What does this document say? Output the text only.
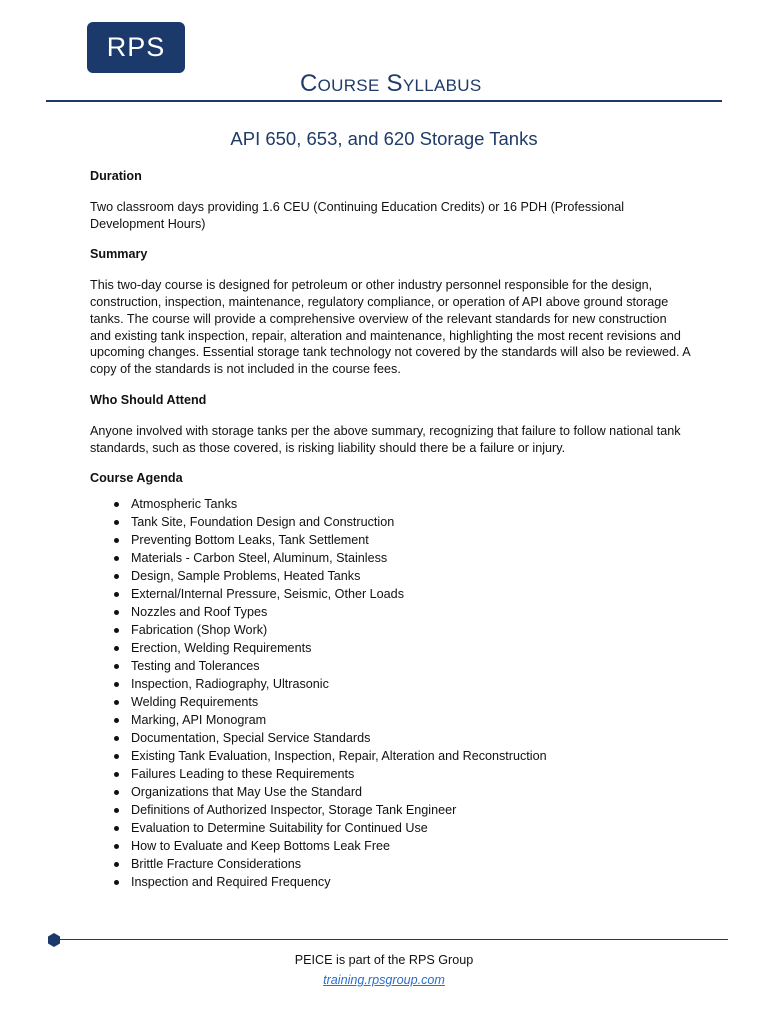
RPS
Course Syllabus
API 650, 653, and 620 Storage Tanks
Duration

Two classroom days providing 1.6 CEU (Continuing Education Credits) or 16 PDH (Professional Development Hours)

Summary

This two-day course is designed for petroleum or other industry personnel responsible for the design, construction, inspection, maintenance, regulatory compliance, or operation of API above ground storage tanks. The course will provide a comprehensive overview of the relevant standards for new construction and existing tank inspection, repair, alteration and maintenance, highlighting the most recent revisions and upcoming changes. Essential storage tank technology not covered by the standards will also be reviewed. A copy of the standards is not included in the course fees.

Who Should Attend

Anyone involved with storage tanks per the above summary, recognizing that failure to follow national tank standards, such as those covered, is risking liability should there be a failure or injury.

Course Agenda
Atmospheric Tanks
Tank Site, Foundation Design and Construction
Preventing Bottom Leaks, Tank Settlement
Materials - Carbon Steel, Aluminum, Stainless
Design, Sample Problems, Heated Tanks
External/Internal Pressure, Seismic, Other Loads
Nozzles and Roof Types
Fabrication (Shop Work)
Erection, Welding Requirements
Testing and Tolerances
Inspection, Radiography, Ultrasonic
Welding Requirements
Marking, API Monogram
Documentation, Special Service Standards
Existing Tank Evaluation, Inspection, Repair, Alteration and Reconstruction
Failures Leading to these Requirements
Organizations that May Use the Standard
Definitions of Authorized Inspector, Storage Tank Engineer
Evaluation to Determine Suitability for Continued Use
How to Evaluate and Keep Bottoms Leak Free
Brittle Fracture Considerations
Inspection and Required Frequency
PEICE is part of the RPS Group
training.rpsgroup.com
